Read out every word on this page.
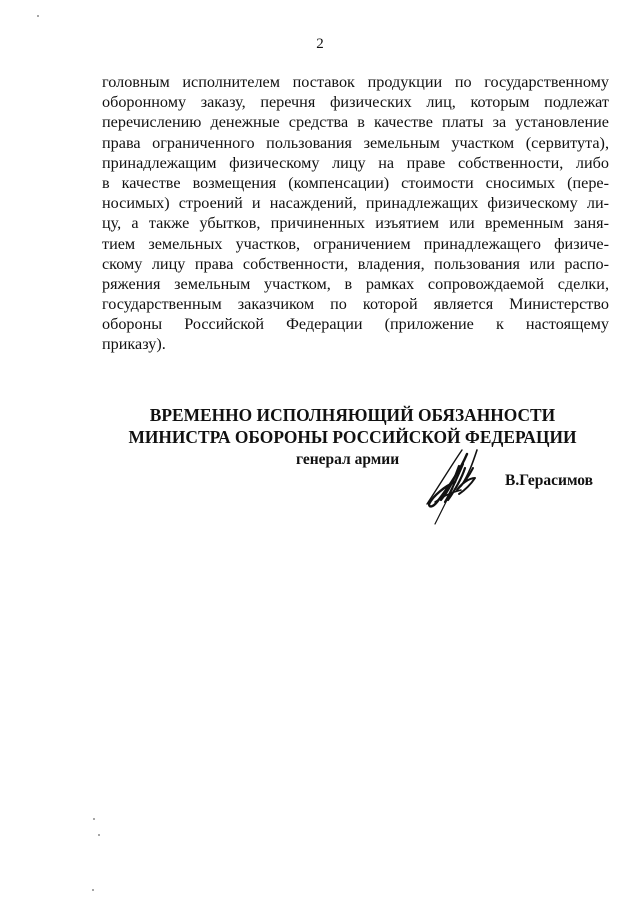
2
головным исполнителем поставок продукции по государственному
оборонному заказу, перечня физических лиц, которым подлежат
перечислению денежные средства в качестве платы за установление
права ограниченного пользования земельным участком (сервитута),
принадлежащим физическому лицу на праве собственности, либо
в качестве возмещения (компенсации) стоимости сносимых (пере-
носимых) строений и насаждений, принадлежащих физическому ли-
цу, а также убытков, причиненных изъятием или временным заня-
тием земельных участков, ограничением принадлежащего физиче-
скому лицу права собственности, владения, пользования или распо-
ряжения земельным участком, в рамках сопровождаемой сделки,
государственным заказчиком по которой является Министерство
обороны Российской Федерации (приложение к настоящему
приказу).
ВРЕМЕННО ИСПОЛНЯЮЩИЙ ОБЯЗАННОСТИ
МИНИСТРА ОБОРОНЫ РОССИЙСКОЙ ФЕДЕРАЦИИ
генерал армии
В.Герасимов
